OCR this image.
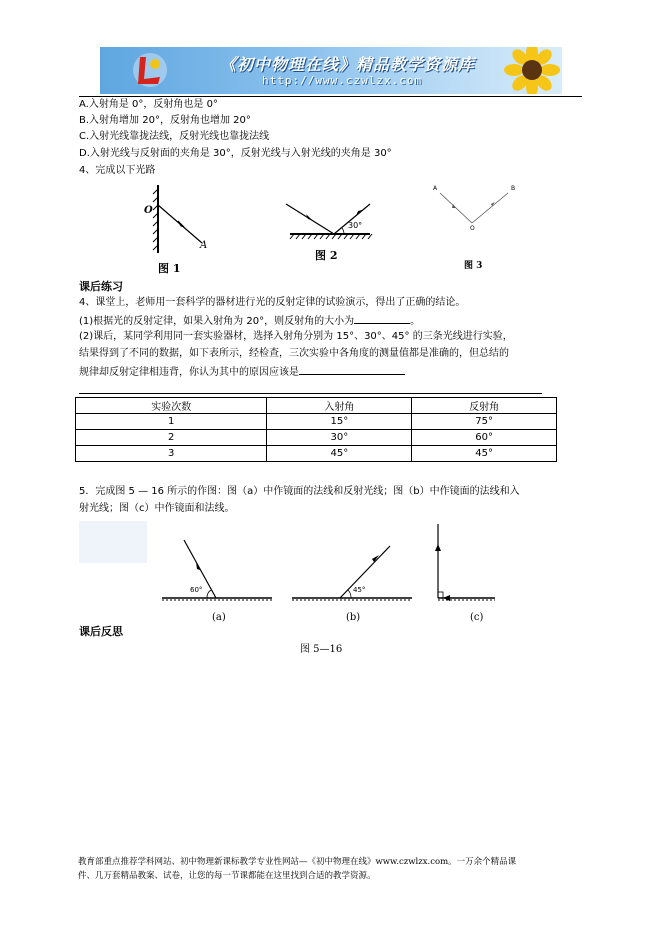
《初中物理在线》精品教学资源库
http://www.czwlzx.com
A.入射角是 0°，反射角也是 0°
B.入射角增加 20°，反射角也增加 20°
C.入射光线靠拢法线，反射光线也靠拢法线
D.入射光线与反射面的夹角是 30°，反射光线与入射光线的夹角是 30°
4、完成以下光路
O
A
图 1
30°
图 2
A	B
O
图 3
课后练习
4、课堂上，老师用一套科学的器材进行光的反射定律的试验演示，得出了正确的结论。
(1)根据光的反射定律，如果入射角为 20°，则反射角的大小为	。
(2)课后，某同学利用同一套实验器材，选择入射角分别为 15°、30°、45° 的三条光线进行实验，
结果得到了不同的数据，如下表所示，经检查，三次实验中各角度的测量值都是准确的，但总结的
规律却反射定律相违背，你认为其中的原因应该是
实验次数	入射角	反射角
1	15°	75°
2	30°	60°
3	45°	45°
5．完成图 5 — 16 所示的作图：图（a）中作镜面的法线和反射光线；图（b）中作镜面的法线和入
射光线；图（c）中作镜面和法线。
60°	45°
(a)	(b)	(c)
图 5—16
课后反思
教育部重点推荐学科网站、初中物理新课标教学专业性网站—《初中物理在线》www.czwlzx.com。一万余个精品课
件、几万套精品教案、试卷，让您的每一节课都能在这里找到合适的教学资源。
